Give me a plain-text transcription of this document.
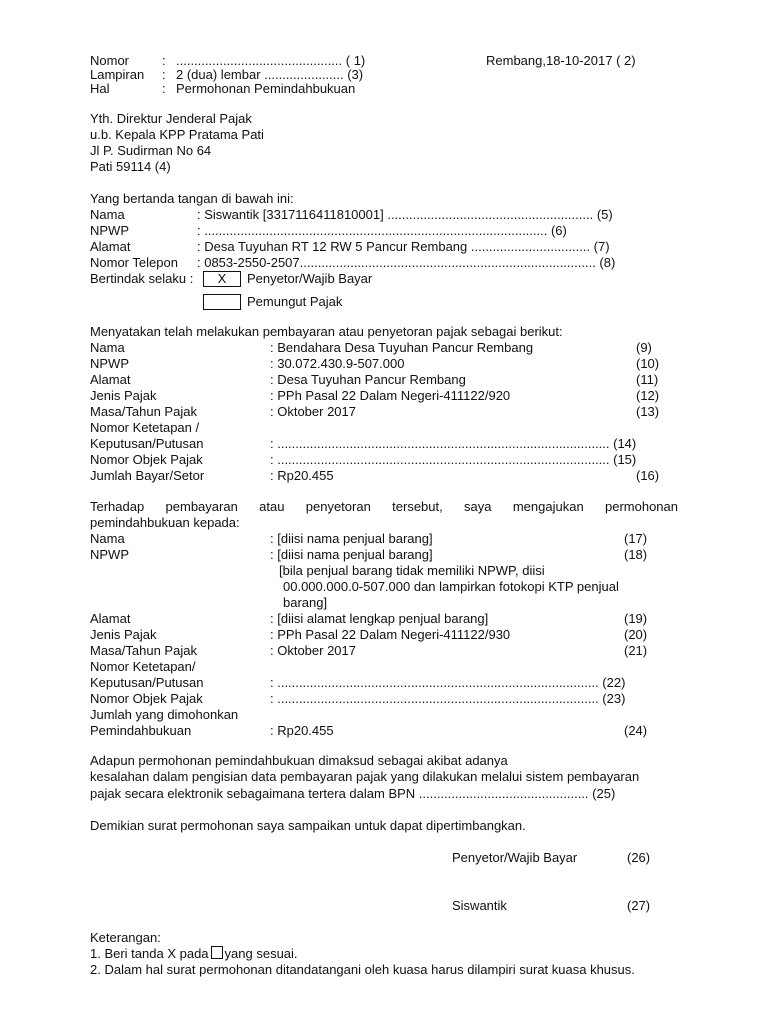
Nomor	: .............................................. ( 1)	Rembang,18-10-2017 ( 2)
Lampiran : 2 (dua) lembar ...................... (3)
Hal	: Permohonan Pemindahbukuan
Yth. Direktur Jenderal Pajak
u.b. Kepala KPP Pratama Pati
Jl P. Sudirman No 64
Pati 59114 (4)
Yang bertanda tangan di bawah ini:
Nama	: Siswantik [3317116411810001] ......................................................... (5)
NPWP	: ............................................................................................... (6)
Alamat	: Desa Tuyuhan RT 12 RW 5 Pancur Rembang ................................. (7)
Nomor Telepon : 0853-2550-2507.................................................................................. (8)
Bertindak selaku :	X	Penyetor/Wajib Bayar
Pemungut Pajak
Menyatakan telah melakukan pembayaran atau penyetoran pajak sebagai berikut:
Nama	: Bendahara Desa Tuyuhan Pancur Rembang	(9)
NPWP	: 30.072.430.9-507.000	(10)
Alamat	: Desa Tuyuhan Pancur Rembang	(11)
Jenis Pajak	: PPh Pasal 22 Dalam Negeri-411122/920	(12)
Masa/Tahun Pajak	: Oktober 2017	(13)
Nomor Ketetapan /
Keputusan/Putusan	: ............................................................................................ (14)
Nomor Objek Pajak	: ............................................................................................ (15)
Jumlah Bayar/Setor	: Rp20.455	(16)
Terhadap pembayaran atau penyetoran tersebut, saya mengajukan permohonan
pemindahbukuan kepada:
Nama	: [diisi nama penjual barang]	(17)
NPWP	: [diisi nama penjual barang]	(18)
[bila penjual barang tidak memiliki NPWP, diisi
00.000.000.0-507.000 dan lampirkan fotokopi KTP penjual
barang]
Alamat	: [diisi alamat lengkap penjual barang]	(19)
Jenis Pajak	: PPh Pasal 22 Dalam Negeri-411122/930	(20)
Masa/Tahun Pajak	: Oktober 2017	(21)
Nomor Ketetapan/
Keputusan/Putusan	: ......................................................................................... (22)
Nomor Objek Pajak	: ......................................................................................... (23)
Jumlah yang dimohonkan
Pemindahbukuan	: Rp20.455	(24)
Adapun permohonan pemindahbukuan dimaksud sebagai akibat adanya
kesalahan dalam pengisian data pembayaran pajak yang dilakukan melalui sistem pembayaran
pajak secara elektronik sebagaimana tertera dalam BPN ............................................... (25)
Demikian surat permohonan saya sampaikan untuk dapat dipertimbangkan.
Penyetor/Wajib Bayar	(26)
Siswantik	(27)
Keterangan:
1. Beri tanda X pada yang sesuai.
2. Dalam hal surat permohonan ditandatangani oleh kuasa harus dilampiri surat kuasa khusus.
